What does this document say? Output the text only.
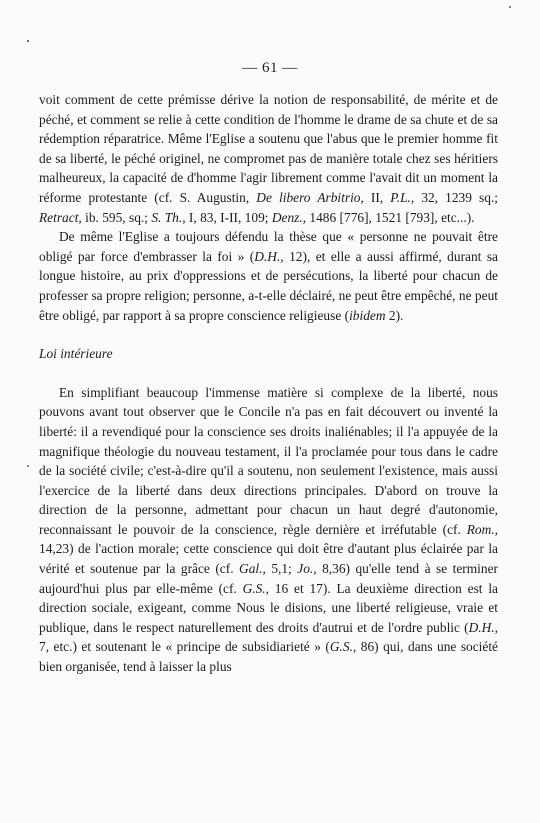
— 61 —

voit comment de cette prémisse dérive la notion de responsabilité, de mérite et de péché, et comment se relie à cette condition de l'homme le drame de sa chute et de sa rédemption réparatrice. Même l'Eglise a soutenu que l'abus que le premier homme fit de sa liberté, le péché originel, ne compromet pas de manière totale chez ses héritiers malheureux, la capacité de d'homme l'agir librement comme l'avait dit un moment la réforme protestante (cf. S. Augustin, De libero Arbitrio, II, P.L., 32, 1239 sq.; Retract, ib. 595, sq.; S. Th., I, 83, I-II, 109; Denz., 1486 [776], 1521 [793], etc...).

De même l'Eglise a toujours défendu la thèse que « personne ne pouvait être obligé par force d'embrasser la foi » (D.H., 12), et elle a aussi affirmé, durant sa longue histoire, au prix d'oppressions et de persécutions, la liberté pour chacun de professer sa propre religion; personne, a-t-elle déclairé, ne peut être empêché, ne peut être obligé, par rapport à sa propre conscience religieuse (ibidem 2).

Loi intérieure

En simplifiant beaucoup l'immense matière si complexe de la liberté, nous pouvons avant tout observer que le Concile n'a pas en fait découvert ou inventé la liberté: il a revendiqué pour la conscience ses droits inaliénables; il l'a appuyée de la magnifique théologie du nouveau testament, il l'a proclamée pour tous dans le cadre de la société civile; c'est-à-dire qu'il a soutenu, non seulement l'existence, mais aussi l'exercice de la liberté dans deux directions principales. D'abord on trouve la direction de la personne, admettant pour chacun un haut degré d'autonomie, reconnaissant le pouvoir de la conscience, règle dernière et irréfutable (cf. Rom., 14,23) de l'action morale; cette conscience qui doit être d'autant plus éclairée par la vérité et soutenue par la grâce (cf. Gal., 5,1; Jo., 8,36) qu'elle tend à se terminer aujourd'hui plus par elle-même (cf. G.S., 16 et 17). La deuxième direction est la direction sociale, exigeant, comme Nous le disions, une liberté religieuse, vraie et publique, dans le respect naturellement des droits d'autrui et de l'ordre public (D.H., 7, etc.) et soutenant le « principe de subsidiarieté » (G.S., 86) qui, dans une société bien organisée, tend à laisser la plus
